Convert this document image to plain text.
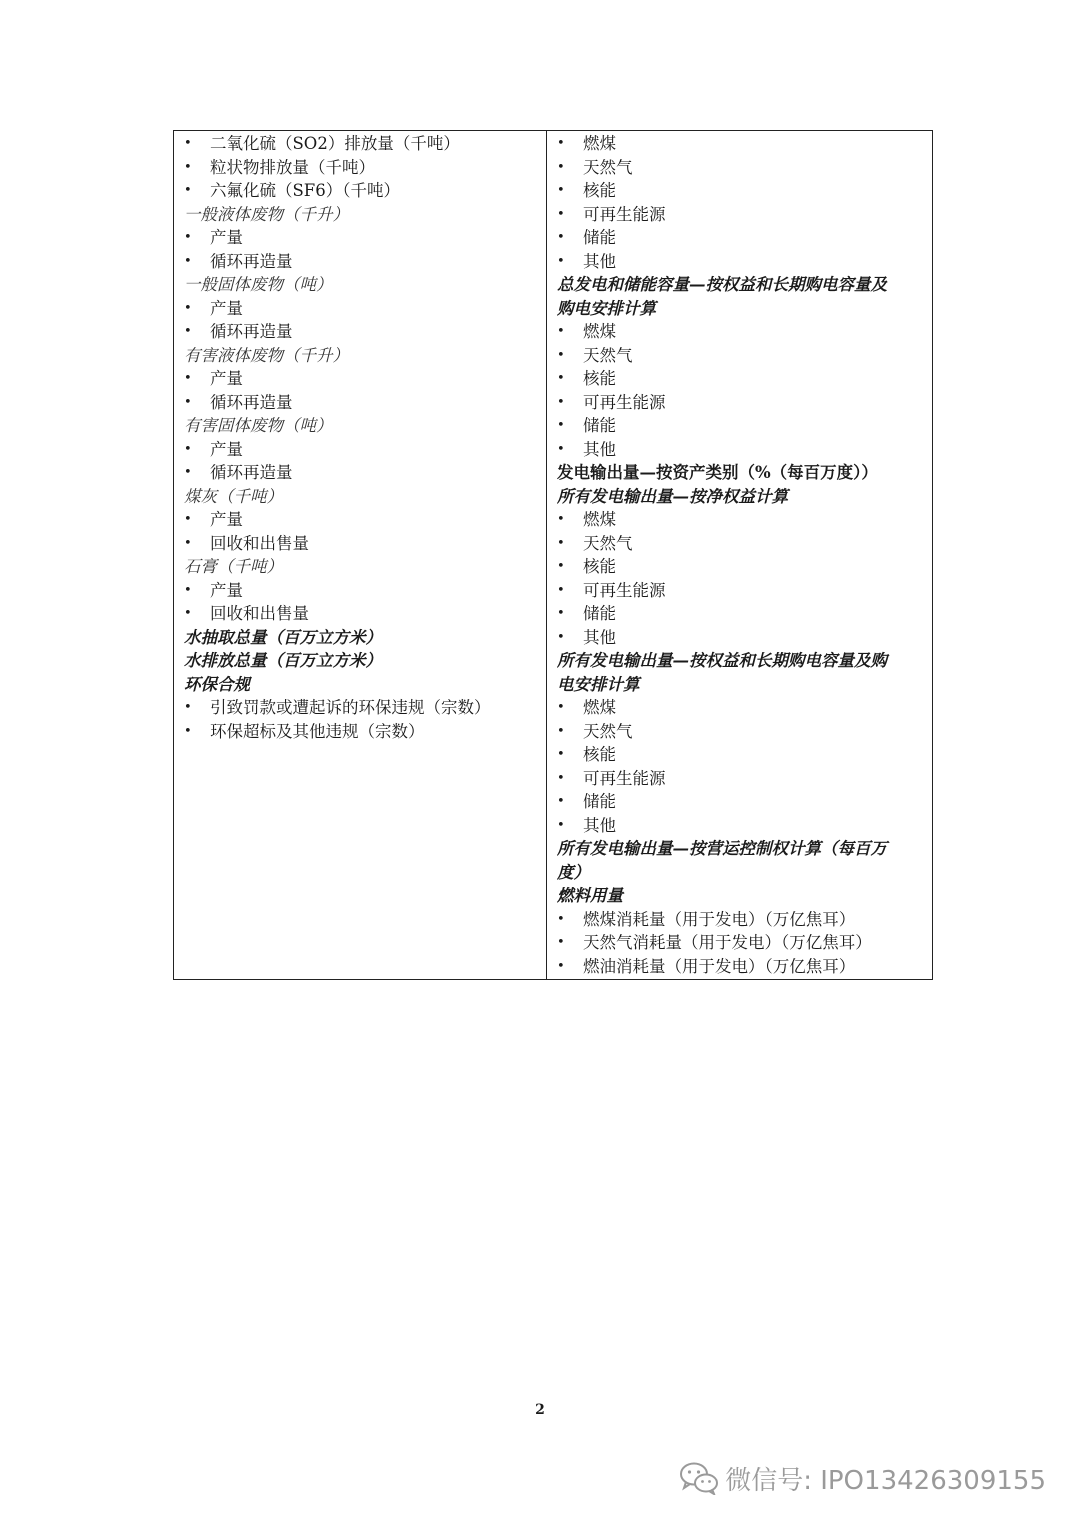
•
二氧化硫（SO2）排放量（千吨）
•
粒状物排放量（千吨）
•
六氟化硫（SF6）（千吨）
一般液体废物（千升）
•
产量
•
循环再造量
一般固体废物（吨）
•
产量
•
循环再造量
有害液体废物（千升）
•
产量
•
循环再造量
有害固体废物（吨）
•
产量
•
循环再造量
煤灰（千吨）
•
产量
•
回收和出售量
石膏（千吨）
•
产量
•
回收和出售量
水抽取总量（百万立方米）
水排放总量（百万立方米）
环保合规
•
引致罚款或遭起诉的环保违规（宗数）
•
环保超标及其他违规（宗数）
•
燃煤
•
天然气
•
核能
•
可再生能源
•
储能
•
其他
总发电和储能容量—按权益和长期购电容量及
购电安排计算
•
燃煤
•
天然气
•
核能
•
可再生能源
•
储能
•
其他
发电输出量—按资产类别（%（每百万度））
所有发电输出量—按净权益计算
•
燃煤
•
天然气
•
核能
•
可再生能源
•
储能
•
其他
所有发电输出量—按权益和长期购电容量及购
电安排计算
•
燃煤
•
天然气
•
核能
•
可再生能源
•
储能
•
其他
所有发电输出量—按营运控制权计算（每百万
度）
燃料用量
•
燃煤消耗量（用于发电）（万亿焦耳）
•
天然气消耗量（用于发电）（万亿焦耳）
•
燃油消耗量（用于发电）（万亿焦耳）
2
微信号: IPO13426309155
